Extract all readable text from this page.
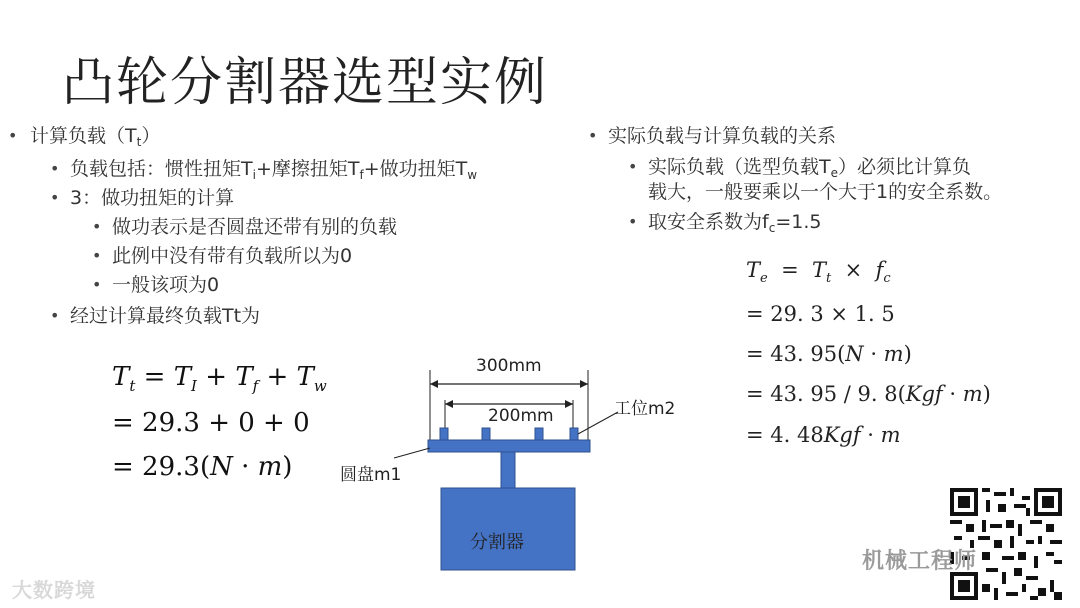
凸轮分割器选型实例
• 计算负载$(T_t)$
• 负载包括：惯性扭矩$T_i+$摩擦扭矩$T_f+$做功扭矩$T_w$
• 3：做功扭矩的计算
• 做功表示是否圆盘还带有别的负载
• 此例中没有带有负载所以为0
• 一般该项为0
• 经过计算最终负载Tt为
$T_t = T_I + T_f + T_w$
= 29.3 + 0 + 0
= 29.3(N · m)
• 实际负载与计算负载的关系
• 实际负载（选型负载$T_e$）必须比计算负
载大，一般要乘以一个大于1的安全系数。
• 取安全系数为$f_c=1.5$
$T_e = T_t \times f_c$
= 29. 3 × 1. 5
= 43. 95(N · m)
= 43. 95 / 9. 8(Kgf · m)
= 4. 48Kgf · m
300mm
200mm	工位m2
圆盘m1
分割器
大数跨境
机械工程师
